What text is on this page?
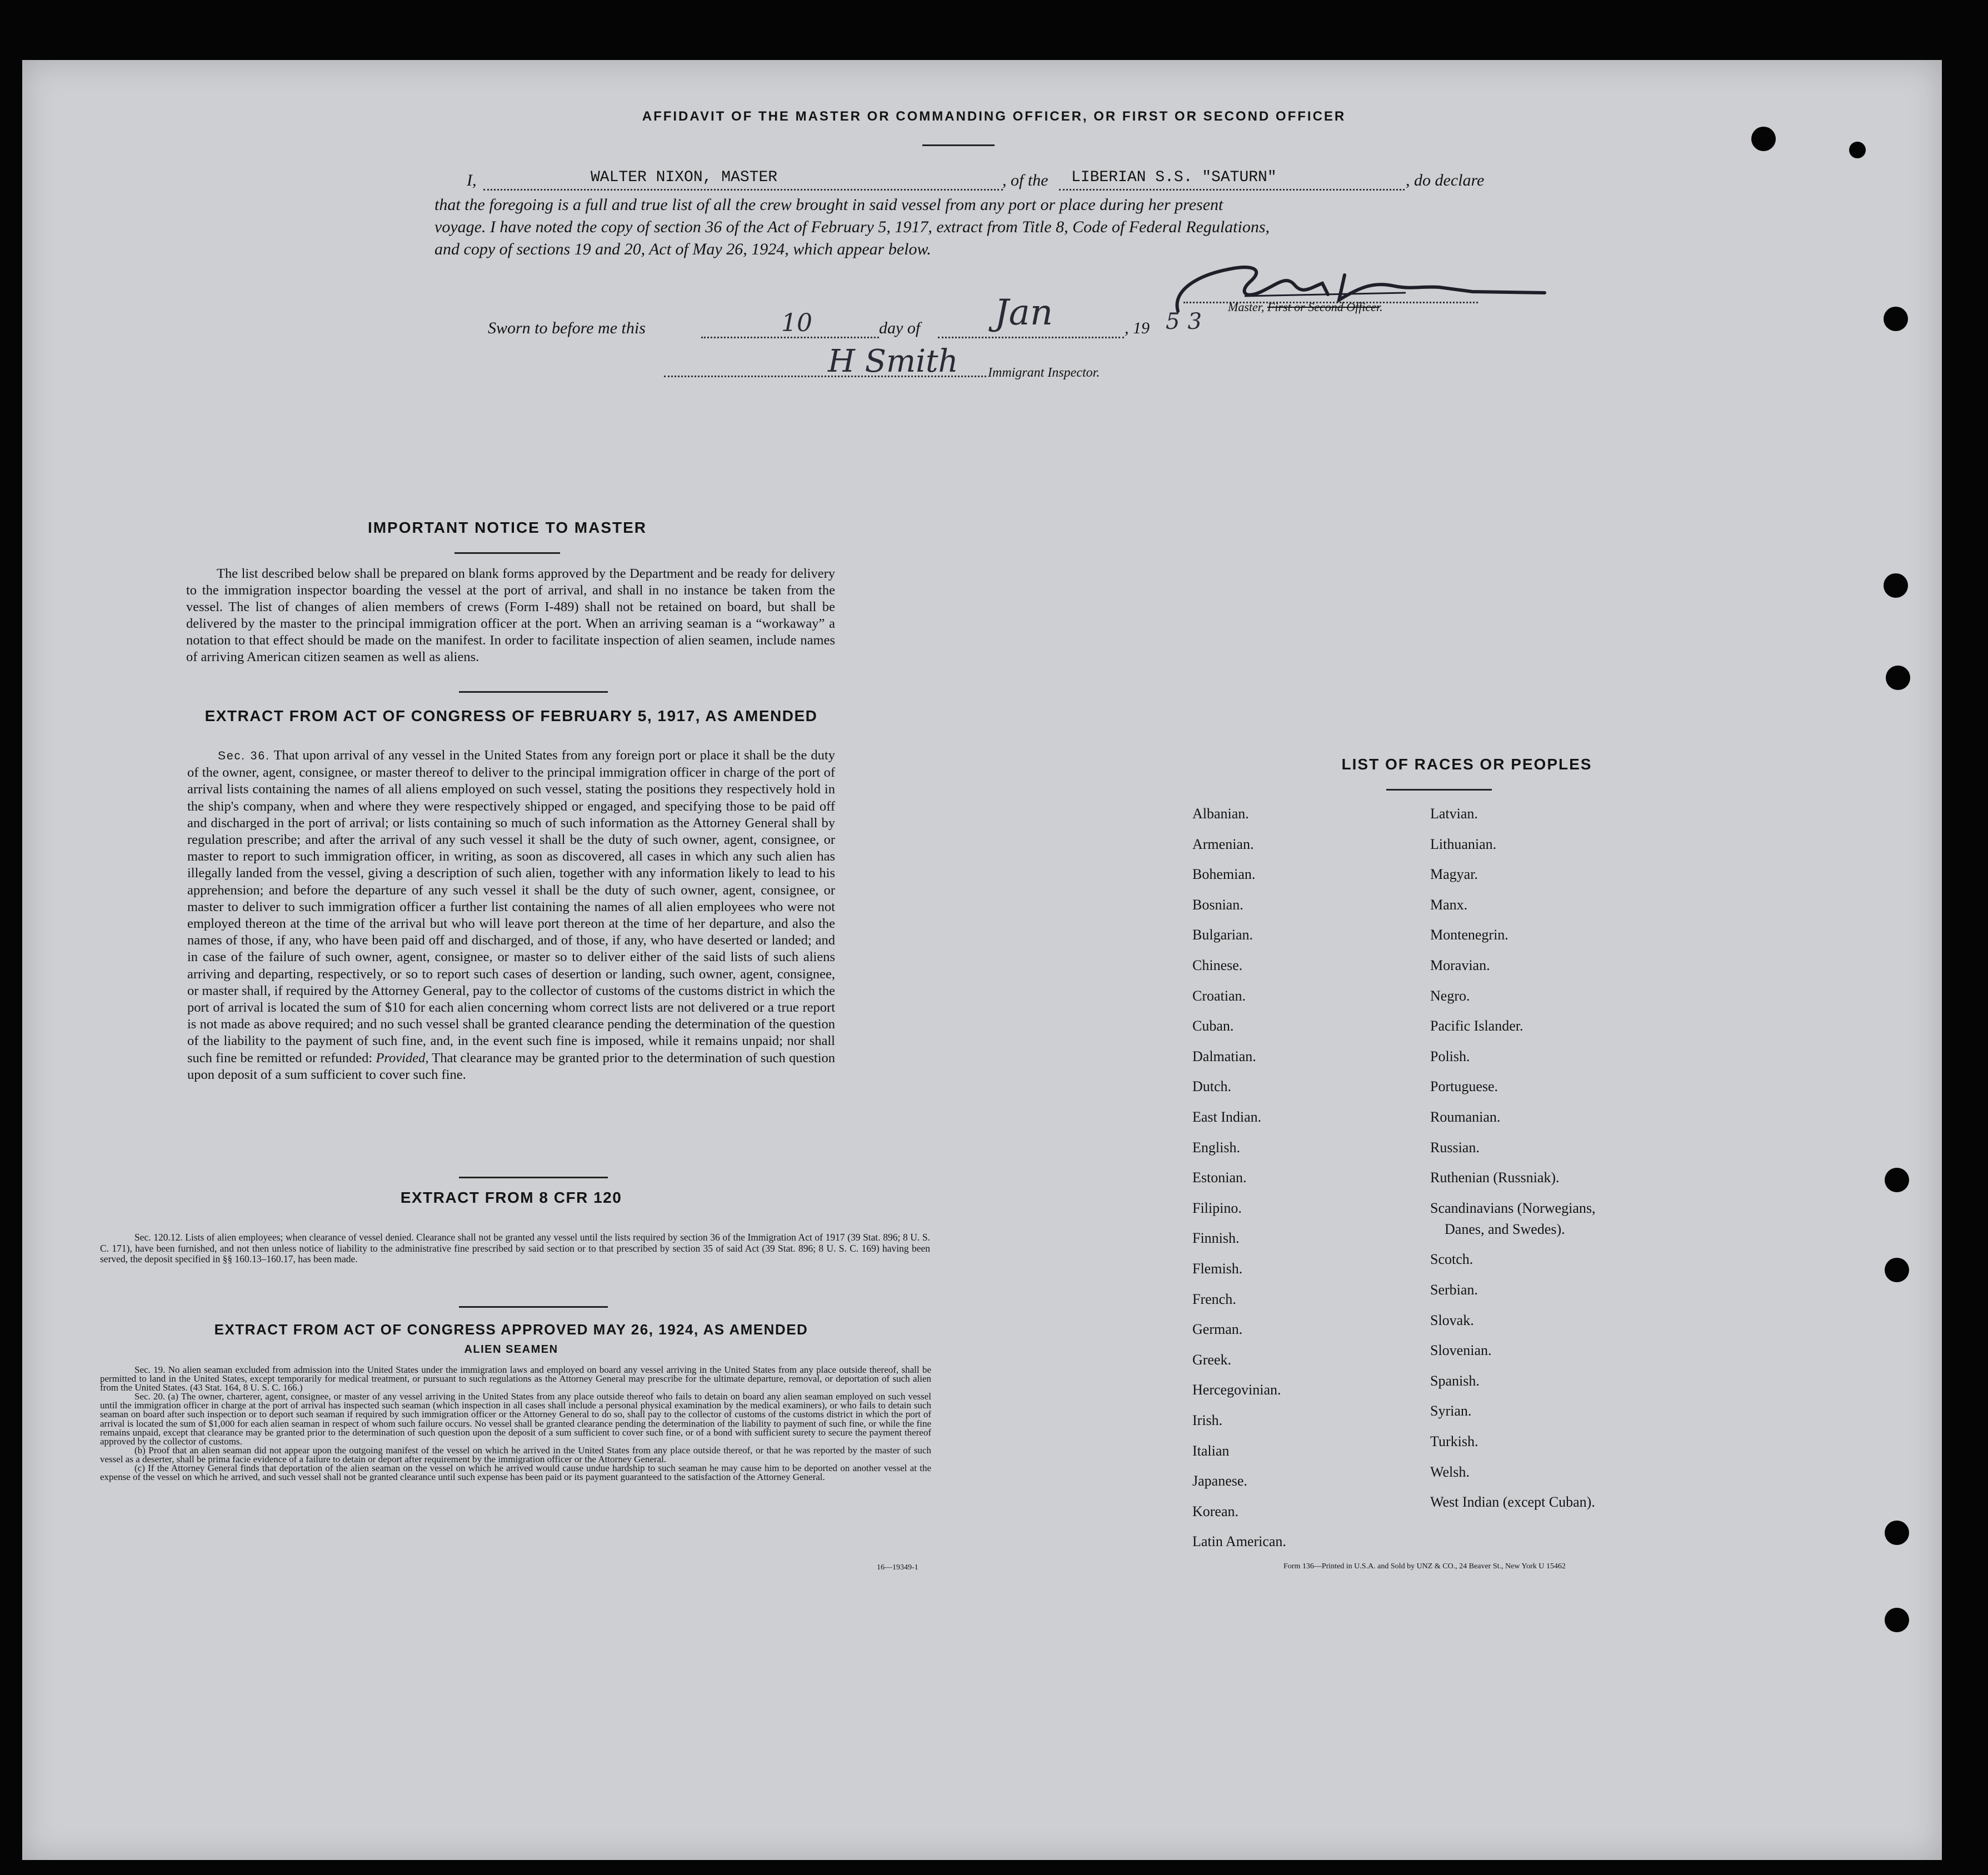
AFFIDAVIT OF THE MASTER OR COMMANDING OFFICER, OR FIRST OR SECOND OFFICER
I,	WALTER NIXON, MASTER	, of the LIBERIAN S.S. "SATURN"	, do declare
that the foregoing is a full and true list of all the crew brought in said vessel from any port or place during her present
voyage. I have noted the copy of section 36 of the Act of February 5, 1917, extract from Title 8, Code of Federal Regulations,
and copy of sections 19 and 20, Act of May 26, 1924, which appear below.
Master, First or Second Officer.
Sworn to before me this	10	day of Jan	, 19 53
H Smith Immigrant Inspector.
IMPORTANT NOTICE TO MASTER
The list described below shall be prepared on blank forms approved by the Department and be ready for delivery to the immigration inspector boarding the vessel at the port of arrival, and shall in no instance be taken from the vessel. The list of changes of alien members of crews (Form I-489) shall not be retained on board, but shall be delivered by the master to the principal immigration officer at the port. When an arriving seaman is a “workaway” a notation to that effect should be made on the manifest. In order to facilitate inspection of alien seamen, include names of arriving American citizen seamen as well as aliens.
EXTRACT FROM ACT OF CONGRESS OF FEBRUARY 5, 1917, AS AMENDED
Sec. 36. That upon arrival of any vessel in the United States from any foreign port or place it shall be the duty of the owner, agent, consignee, or master thereof to deliver to the principal immigration officer in charge of the port of arrival lists containing the names of all aliens employed on such vessel, stating the positions they respectively hold in the ship's company, when and where they were respectively shipped or engaged, and specifying those to be paid off and discharged in the port of arrival; or lists containing so much of such information as the Attorney General shall by regulation prescribe; and after the arrival of any such vessel it shall be the duty of such owner, agent, consignee, or master to report to such immigration officer, in writing, as soon as discovered, all cases in which any such alien has illegally landed from the vessel, giving a description of such alien, together with any information likely to lead to his apprehension; and before the departure of any such vessel it shall be the duty of such owner, agent, consignee, or master to deliver to such immigration officer a further list containing the names of all alien employees who were not employed thereon at the time of the arrival but who will leave port thereon at the time of her departure, and also the names of those, if any, who have been paid off and discharged, and of those, if any, who have deserted or landed; and in case of the failure of such owner, agent, consignee, or master so to deliver either of the said lists of such aliens arriving and departing, respectively, or so to report such cases of desertion or landing, such owner, agent, consignee, or master shall, if required by the Attorney General, pay to the collector of customs of the customs district in which the port of arrival is located the sum of $10 for each alien concerning whom correct lists are not delivered or a true report is not made as above required; and no such vessel shall be granted clearance pending the determination of the question of the liability to the payment of such fine, and, in the event such fine is imposed, while it remains unpaid; nor shall such fine be remitted or refunded: Provided, That clearance may be granted prior to the determination of such question upon deposit of a sum sufficient to cover such fine.
EXTRACT FROM 8 CFR 120
Sec. 120.12. Lists of alien employees; when clearance of vessel denied. Clearance shall not be granted any vessel until the lists required by section 36 of the Immigration Act of 1917 (39 Stat. 896; 8 U. S. C. 171), have been furnished, and not then unless notice of liability to the administrative fine prescribed by said section or to that prescribed by section 35 of said Act (39 Stat. 896; 8 U. S. C. 169) having been served, the deposit specified in §§ 160.13–160.17, has been made.
EXTRACT FROM ACT OF CONGRESS APPROVED MAY 26, 1924, AS AMENDED
ALIEN SEAMEN
Sec. 19. No alien seaman excluded from admission into the United States under the immigration laws and employed on board any vessel arriving in the United States from any place outside thereof, shall be permitted to land in the United States, except temporarily for medical treatment, or pursuant to such regulations as the Attorney General may prescribe for the ultimate departure, removal, or deportation of such alien from the United States. (43 Stat. 164, 8 U. S. C. 166.)
Sec. 20. (a) The owner, charterer, agent, consignee, or master of any vessel arriving in the United States from any place outside thereof who fails to detain on board any alien seaman employed on such vessel until the immigration officer in charge at the port of arrival has inspected such seaman (which inspection in all cases shall include a personal physical examination by the medical examiners), or who fails to detain such seaman on board after such inspection or to deport such seaman if required by such immigration officer or the Attorney General to do so, shall pay to the collector of customs of the customs district in which the port of arrival is located the sum of $1,000 for each alien seaman in respect of whom such failure occurs. No vessel shall be granted clearance pending the determination of the liability to payment of such fine, or while the fine remains unpaid, except that clearance may be granted prior to the determination of such question upon the deposit of a sum sufficient to cover such fine, or of a bond with sufficient surety to secure the payment thereof approved by the collector of customs.
(b) Proof that an alien seaman did not appear upon the outgoing manifest of the vessel on which he arrived in the United States from any place outside thereof, or that he was reported by the master of such vessel as a deserter, shall be prima facie evidence of a failure to detain or deport after requirement by the immigration officer or the Attorney General.
(c) If the Attorney General finds that deportation of the alien seaman on the vessel on which he arrived would cause undue hardship to such seaman he may cause him to be deported on another vessel at the expense of the vessel on which he arrived, and such vessel shall not be granted clearance until such expense has been paid or its payment guaranteed to the satisfaction of the Attorney General.
16—19349-1
LIST OF RACES OR PEOPLES
Albanian.
Armenian.
Bohemian.
Bosnian.
Bulgarian.
Chinese.
Croatian.
Cuban.
Dalmatian.
Dutch.
East Indian.
English.
Estonian.
Filipino.
Finnish.
Flemish.
French.
German.
Greek.
Hercegovinian.
Irish.
Italian
Japanese.
Korean.
Latin American.
Latvian.
Lithuanian.
Magyar.
Manx.
Montenegrin.
Moravian.
Negro.
Pacific Islander.
Polish.
Portuguese.
Roumanian.
Russian.
Ruthenian (Russniak).
Scandinavians (Norwegians,
Danes, and Swedes).
Scotch.
Serbian.
Slovak.
Slovenian.
Spanish.
Syrian.
Turkish.
Welsh.
West Indian (except Cuban).
Form 136—Printed in U.S.A. and Sold by UNZ & CO., 24 Beaver St., New York U 15462
